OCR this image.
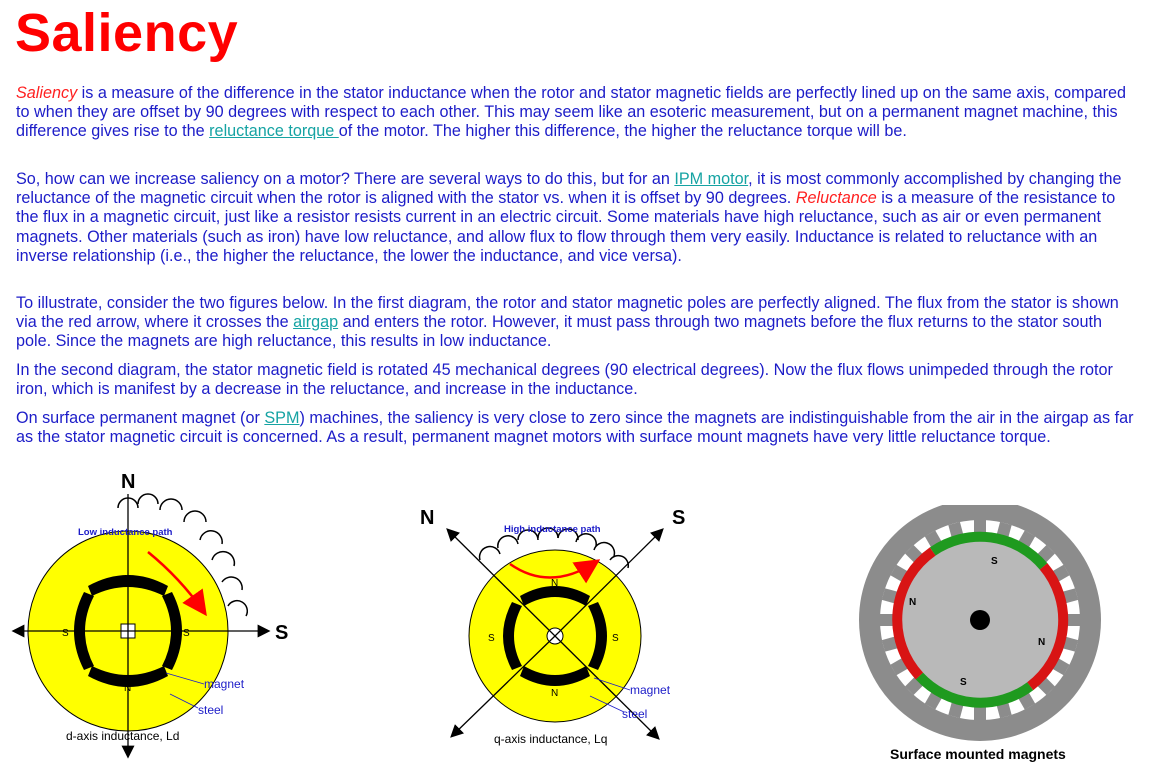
Saliency

Saliency is a measure of the difference in the stator inductance when the rotor and stator magnetic fields are perfectly lined up on the same axis, compared to when they are offset by 90 degrees with respect to each other. This may seem like an esoteric measurement, but on a permanent magnet machine, this difference gives rise to the reluctance torque of the motor. The higher this difference, the higher the reluctance torque will be.

So, how can we increase saliency on a motor? There are several ways to do this, but for an IPM motor, it is most commonly accomplished by changing the reluctance of the magnetic circuit when the rotor is aligned with the stator vs. when it is offset by 90 degrees. Reluctance is a measure of the resistance to the flux in a magnetic circuit, just like a resistor resists current in an electric circuit. Some materials have high reluctance, such as air or even permanent magnets. Other materials (such as iron) have low reluctance, and allow flux to flow through them very easily. Inductance is related to reluctance with an inverse relationship (i.e., the higher the reluctance, the lower the inductance, and vice versa).

To illustrate, consider the two figures below. In the first diagram, the rotor and stator magnetic poles are perfectly aligned. The flux from the stator is shown via the red arrow, where it crosses the airgap and enters the rotor. However, it must pass through two magnets before the flux returns to the stator south pole. Since the magnets are high reluctance, this results in low inductance.

In the second diagram, the stator magnetic field is rotated 45 mechanical degrees (90 electrical degrees). Now the flux flows unimpeded through the rotor iron, which is manifest by a decrease in the reluctance, and increase in the inductance.

On surface permanent magnet (or SPM) machines, the saliency is very close to zero since the magnets are indistinguishable from the air in the airgap as far as the stator magnetic circuit is concerned. As a result, permanent magnet motors with surface mount magnets have very little reluctance torque.

N
S
Low inductance path
N
N
S	S
magnet
steel
d-axis inductance, Ld
N	S
High inductance path
N
N
S	S
magnet
steel
q-axis inductance, Lq
S
N
N
S
Surface mounted magnets
